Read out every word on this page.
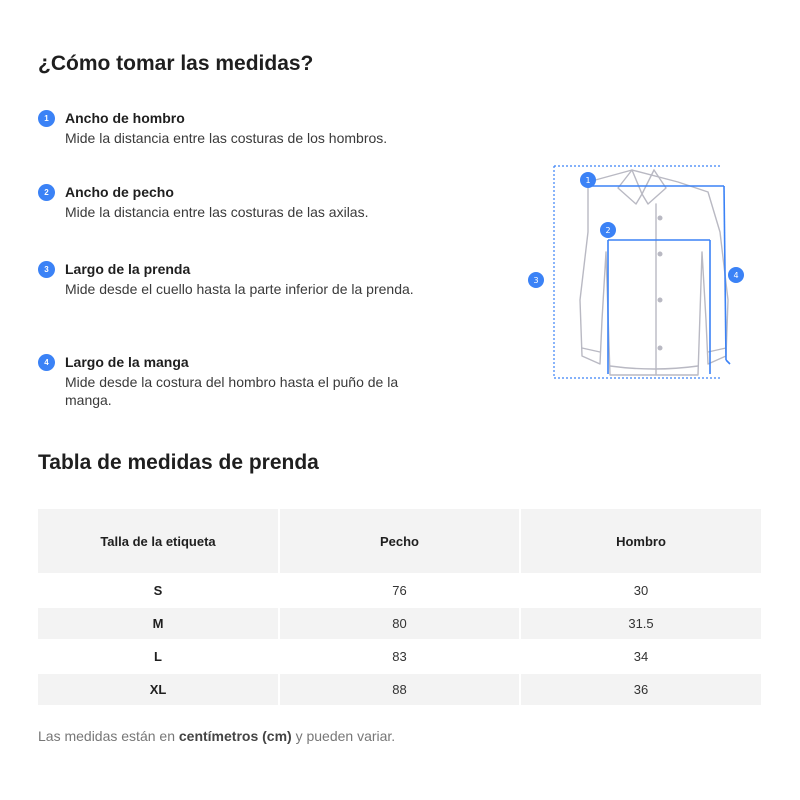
¿Cómo tomar las medidas?
1	Ancho de hombro
Mide la distancia entre las costuras de los hombros.
2	Ancho de pecho
Mide la distancia entre las costuras de las axilas.
3	Largo de la prenda
Mide desde el cuello hasta la parte inferior de la prenda.
4	Largo de la manga
Mide desde la costura del hombro hasta el puño de la manga.
1
2
3
4
Tabla de medidas de prenda
Talla de la etiqueta	Pecho	Hombro
S	76	30
M	80	31.5
L	83	34
XL	88	36
Las medidas están en centímetros (cm) y pueden variar.
